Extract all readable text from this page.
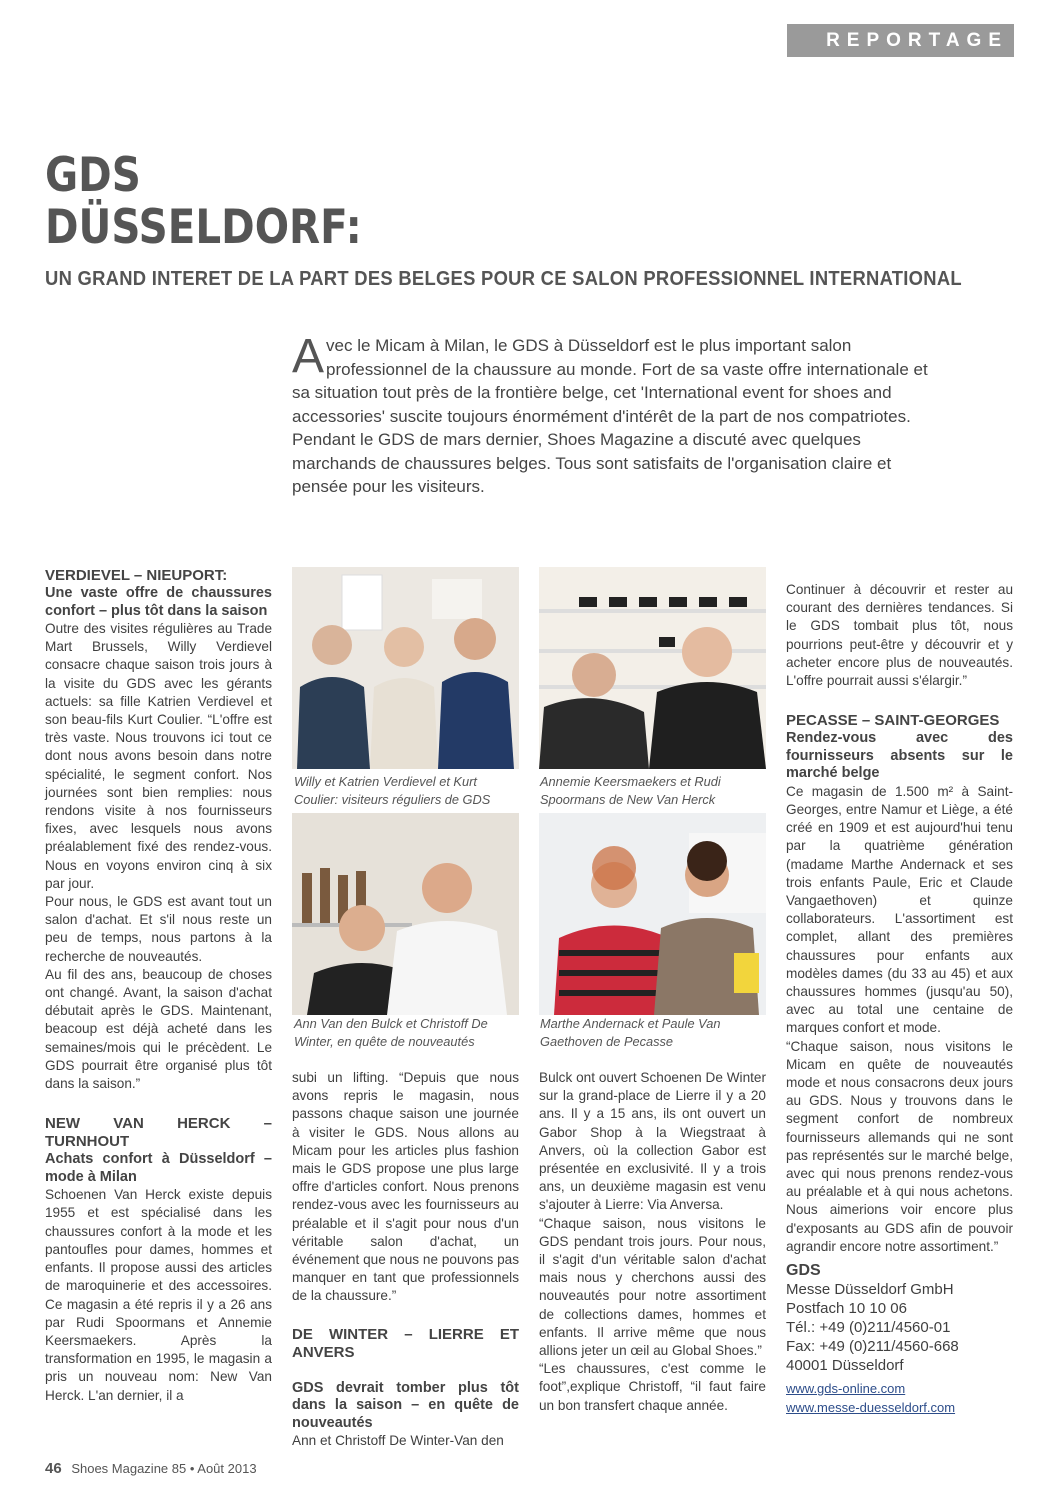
REPORTAGE
GDS
DÜSSELDORF:
UN GRAND INTERET DE LA PART DES BELGES POUR CE SALON PROFESSIONNEL INTERNATIONAL

A vec le Micam à Milan, le GDS à Düsseldorf est le plus important salon professionnel de la chaussure au monde. Fort de sa vaste offre internationale et sa situation tout près de la frontière belge, cet 'International event for shoes and accessories' suscite toujours énormément d'intérêt de la part de nos compatriotes. Pendant le GDS de mars dernier, Shoes Magazine a discuté avec quelques marchands de chaussures belges. Tous sont satisfaits de l'organisation claire et pensée pour les visiteurs.

VERDIEVEL – NIEUPORT:

Une vaste offre de chaussures confort – plus tôt dans la saison

Outre des visites régulières au Trade Mart Brussels, Willy Verdievel consacre chaque saison trois jours à la visite du GDS avec les gérants actuels: sa fille Katrien Verdievel et son beau-fils Kurt Coulier. “L'offre est très vaste. Nous trouvons ici tout ce dont nous avons besoin dans notre spécialité, le segment confort. Nos journées sont bien remplies: nous rendons visite à nos fournisseurs fixes, avec lesquels nous avons préalablement fixé des rendez-vous. Nous en voyons environ cinq à six par jour.

Pour nous, le GDS est avant tout un salon d'achat. Et s'il nous reste un peu de temps, nous partons à la recherche de nouveautés.

Au fil des ans, beaucoup de choses ont changé. Avant, la saison d'achat débutait après le GDS. Maintenant, beacoup est déjà acheté dans les semaines/mois qui le précèdent. Le GDS pourrait être organisé plus tôt dans la saison.”

NEW VAN HERCK – TURNHOUT

Achats confort à Düsseldorf – mode à Milan

Schoenen Van Herck existe depuis 1955 et est spécialisé dans les chaussures confort à la mode et les pantoufles pour dames, hommes et enfants. Il propose aussi des articles de maroquinerie et des accessoires. Ce magasin a été repris il y a 26 ans par Rudi Spoormans et Annemie Keersmaekers. Après la transformation en 1995, le magasin a pris un nouveau nom: New Van Herck. L'an dernier, il a

Willy et Katrien Verdievel et Kurt Coulier: visiteurs réguliers de GDS
Annemie Keersmaekers et Rudi Spoormans de New Van Herck
Ann Van den Bulck et Christoff De Winter, en quête de nouveautés
Marthe Andernack et Paule Van Gaethoven de Pecasse

subi un lifting. “Depuis que nous avons repris le magasin, nous passons chaque saison une journée à visiter le GDS. Nous allons au Micam pour les articles plus fashion mais le GDS propose une plus large offre d'articles confort. Nous prenons rendez-vous avec les fournisseurs au préalable et il s'agit pour nous d'un véritable salon d'achat, un événement que nous ne pouvons pas manquer en tant que professionnels de la chaussure.”

DE WINTER – LIERRE ET ANVERS

GDS devrait tomber plus tôt dans la saison – en quête de nouveautés

Ann et Christoff De Winter-Van den

Bulck ont ouvert Schoenen De Winter sur la grand-place de Lierre il y a 20 ans. Il y a 15 ans, ils ont ouvert un Gabor Shop à la Wiegstraat à Anvers, où la collection Gabor est présentée en exclusivité. Il y a trois ans, un deuxième magasin est venu s'ajouter à Lierre: Via Anversa.

“Chaque saison, nous visitons le GDS pendant trois jours. Pour nous, il s'agit d'un véritable salon d'achat mais nous y cherchons aussi des nouveautés pour notre assortiment de collections dames, hommes et enfants. Il arrive même que nous allions jeter un œil au Global Shoes.”

“Les chaussures, c'est comme le foot”,explique Christoff, “il faut faire un bon transfert chaque année.

Continuer à découvrir et rester au courant des dernières tendances. Si le GDS tombait plus tôt, nous pourrions peut-être y découvrir et y acheter encore plus de nouveautés. L'offre pourrait aussi s'élargir.”

PECASSE – SAINT-GEORGES

Rendez-vous avec des fournisseurs absents sur le marché belge

Ce magasin de 1.500 m² à Saint-Georges, entre Namur et Liège, a été créé en 1909 et est aujourd'hui tenu par la quatrième génération (madame Marthe Andernack et ses trois enfants Paule, Eric et Claude Vangaethoven) et quinze collaborateurs. L'assortiment est complet, allant des premières chaussures pour enfants aux modèles dames (du 33 au 45) et aux chaussures hommes (jusqu'au 50), avec au total une centaine de marques confort et mode.

“Chaque saison, nous visitons le Micam en quête de nouveautés mode et nous consacrons deux jours au GDS. Nous y trouvons dans le segment confort de nombreux fournisseurs allemands qui ne sont pas représentés sur le marché belge, avec qui nous prenons rendez-vous au préalable et à qui nous achetons. Nous aimerions voir encore plus d'exposants au GDS afin de pouvoir agrandir encore notre assortiment.”

GDS

Messe Düsseldorf GmbH

Postfach 10 10 06

Tél.: +49 (0)211/4560-01

Fax: +49 (0)211/4560-668

40001 Düsseldorf

www.gds-online.com

www.messe-duesseldorf.com

46 Shoes Magazine 85 • Août 2013
